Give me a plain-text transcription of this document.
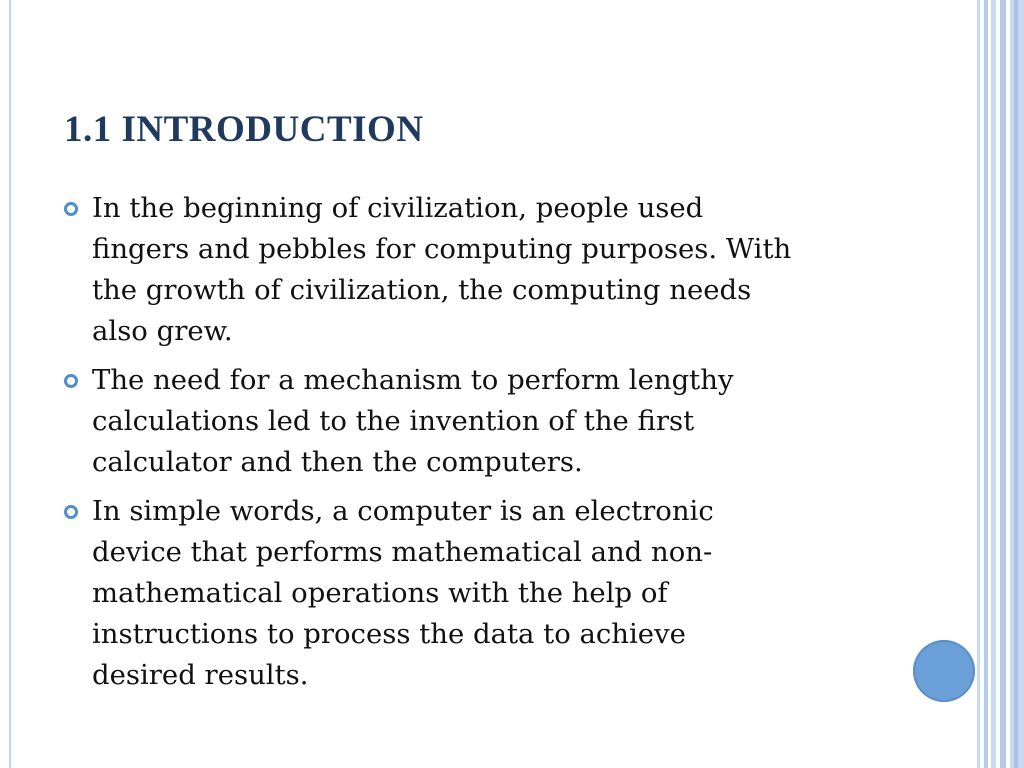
1.1 INTRODUCTION
In the beginning of civilization, people used
fingers and pebbles for computing purposes. With
the growth of civilization, the computing needs
also grew.
The need for a mechanism to perform lengthy
calculations led to the invention of the first
calculator and then the computers.
In simple words, a computer is an electronic
device that performs mathematical and non-
mathematical operations with the help of
instructions to process the data to achieve
desired results.
